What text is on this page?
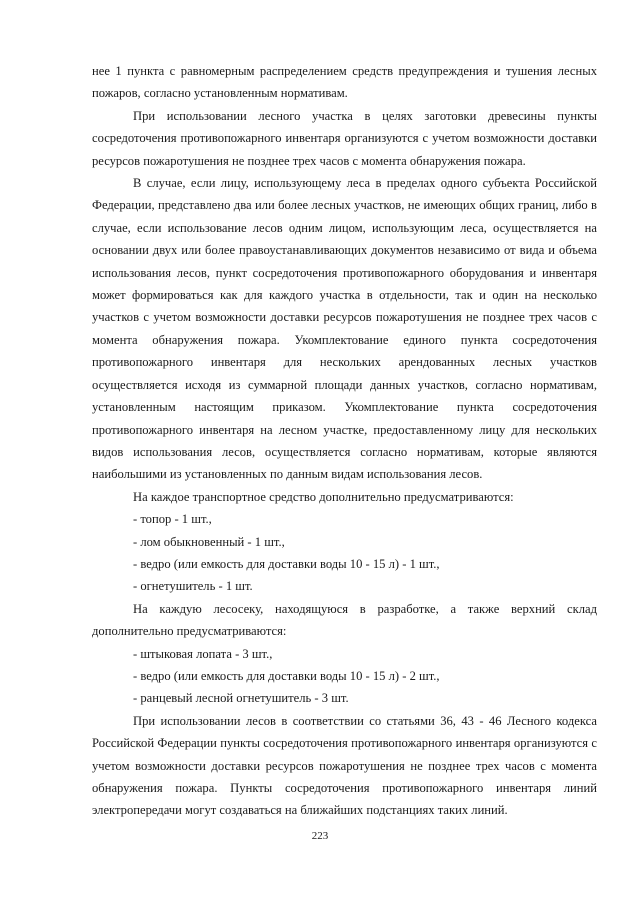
нее 1 пункта с равномерным распределением средств предупреждения и тушения лесных пожаров, согласно установленным нормативам.

При использовании лесного участка в целях заготовки древесины пункты сосредоточения противопожарного инвентаря организуются с учетом возможности доставки ресурсов пожаротушения не позднее трех часов с момента обнаружения пожара.

В случае, если лицу, использующему леса в пределах одного субъекта Российской Федерации, представлено два или более лесных участков, не имеющих общих границ, либо в случае, если использование лесов одним лицом, использующим леса, осуществляется на основании двух или более правоустанавливающих документов независимо от вида и объема использования лесов, пункт сосредоточения противопожарного оборудования и инвентаря может формироваться как для каждого участка в отдельности, так и один на несколько участков с учетом возможности доставки ресурсов пожаротушения не позднее трех часов с момента обнаружения пожара. Укомплектование единого пункта сосредоточения противопожарного инвентаря для нескольких арендованных лесных участков осуществляется исходя из суммарной площади данных участков, согласно нормативам, установленным настоящим приказом. Укомплектование пункта сосредоточения противопожарного инвентаря на лесном участке, предоставленному лицу для нескольких видов использования лесов, осуществляется согласно нормативам, которые являются наибольшими из установленных по данным видам использования лесов.

На каждое транспортное средство дополнительно предусматриваются:

- топор - 1 шт.,

- лом обыкновенный - 1 шт.,

- ведро (или емкость для доставки воды 10 - 15 л) - 1 шт.,

- огнетушитель - 1 шт.

На каждую лесосеку, находящуюся в разработке, а также верхний склад дополнительно предусматриваются:

- штыковая лопата - 3 шт.,

- ведро (или емкость для доставки воды 10 - 15 л) - 2 шт.,

- ранцевый лесной огнетушитель - 3 шт.

При использовании лесов в соответствии со статьями 36, 43 - 46 Лесного кодекса Российской Федерации пункты сосредоточения противопожарного инвентаря организуются с учетом возможности доставки ресурсов пожаротушения не позднее трех часов с момента обнаружения пожара. Пункты сосредоточения противопожарного инвентаря линий электропередачи могут создаваться на ближайших подстанциях таких линий.

223
